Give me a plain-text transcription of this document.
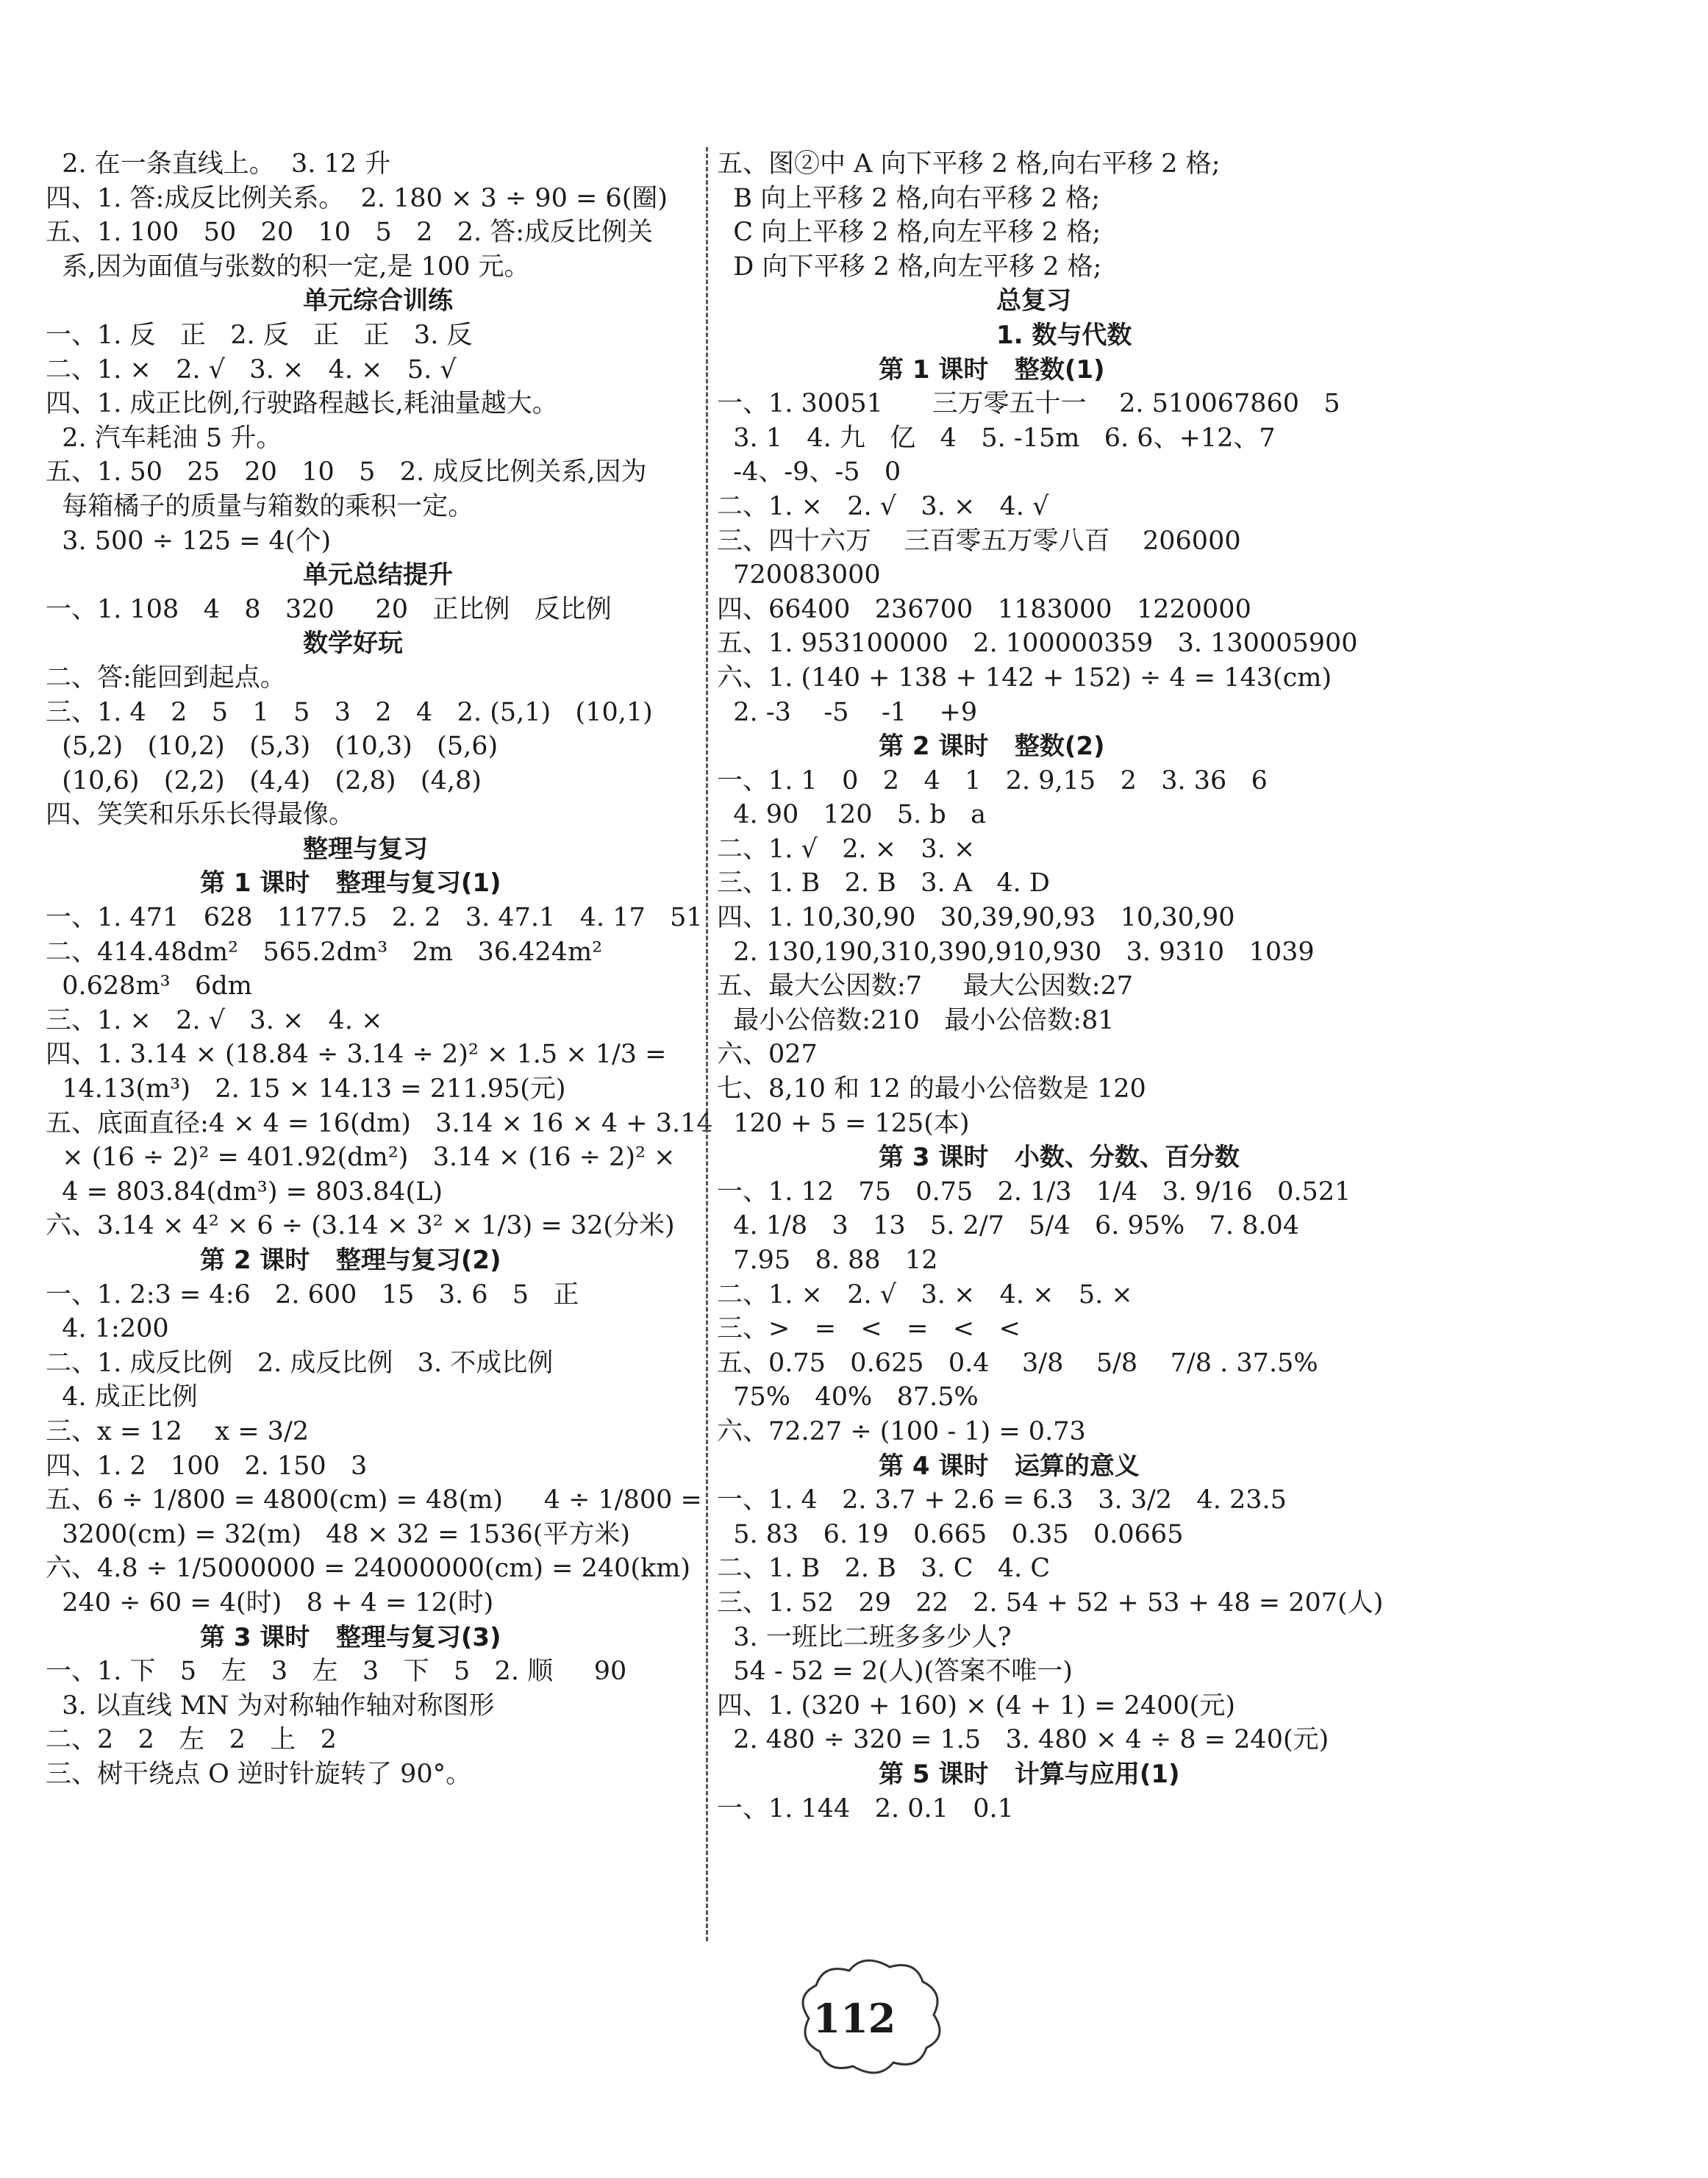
2. 在一条直线上。  3. 12 升
四、1. 答:成反比例关系。  2. 180 × 3 ÷ 90 = 6(圈)
五、1. 100   50   20   10   5   2   2. 答:成反比例关
系,因为面值与张数的积一定,是 100 元。
单元综合训练
一、1. 反   正   2. 反   正   正   3. 反
二、1. ×   2. √   3. ×   4. ×   5. √
四、1. 成正比例,行驶路程越长,耗油量越大。
2. 汽车耗油 5 升。
五、1. 50   25   20   10   5   2. 成反比例关系,因为
每箱橘子的质量与箱数的乘积一定。
3. 500 ÷ 125 = 4(个)
单元总结提升
一、1. 108   4   8   320     20   正比例   反比例
数学好玩
二、答:能回到起点。
三、1. 4   2   5   1   5   3   2   4   2. (5,1)   (10,1)
(5,2)   (10,2)   (5,3)   (10,3)   (5,6)
(10,6)   (2,2)   (4,4)   (2,8)   (4,8)
四、笑笑和乐乐长得最像。
整理与复习
第 1 课时   整理与复习(1)
一、1. 471   628   1177.5   2. 2   3. 47.1   4. 17   51
二、414.48dm²   565.2dm³   2m   36.424m²
0.628m³   6dm
三、1. ×   2. √   3. ×   4. ×
四、1. 3.14 × (18.84 ÷ 3.14 ÷ 2)² × 1.5 × 1/3 =
14.13(m³)   2. 15 × 14.13 = 211.95(元)
五、底面直径:4 × 4 = 16(dm)   3.14 × 16 × 4 + 3.14
× (16 ÷ 2)² = 401.92(dm²)   3.14 × (16 ÷ 2)² ×
4 = 803.84(dm³) = 803.84(L)
六、3.14 × 4² × 6 ÷ (3.14 × 3² × 1/3) = 32(分米)
第 2 课时   整理与复习(2)
一、1. 2:3 = 4:6   2. 600   15   3. 6   5   正
4. 1:200
二、1. 成反比例   2. 成反比例   3. 不成比例
4. 成正比例
三、x = 12    x = 3/2
四、1. 2   100   2. 150   3
五、6 ÷ 1/800 = 4800(cm) = 48(m)     4 ÷ 1/800 =
3200(cm) = 32(m)   48 × 32 = 1536(平方米)
六、4.8 ÷ 1/5000000 = 24000000(cm) = 240(km)
240 ÷ 60 = 4(时)   8 + 4 = 12(时)
第 3 课时   整理与复习(3)
一、1. 下   5   左   3   左   3   下   5   2. 顺     90
3. 以直线 MN 为对称轴作轴对称图形
二、2   2   左   2   上   2
三、树干绕点 O 逆时针旋转了 90°。
五、图②中 A 向下平移 2 格,向右平移 2 格;
B 向上平移 2 格,向右平移 2 格;
C 向上平移 2 格,向左平移 2 格;
D 向下平移 2 格,向左平移 2 格;
总复习
1. 数与代数
第 1 课时   整数(1)
一、1. 30051      三万零五十一    2. 510067860   5
3. 1   4. 九   亿   4   5. -15m   6. 6、+12、7
-4、-9、-5   0
二、1. ×   2. √   3. ×   4. √
三、四十六万    三百零五万零八百    206000
720083000
四、66400   236700   1183000   1220000
五、1. 953100000   2. 100000359   3. 130005900
六、1. (140 + 138 + 142 + 152) ÷ 4 = 143(cm)
2. -3    -5    -1    +9
第 2 课时   整数(2)
一、1. 1   0   2   4   1   2. 9,15   2   3. 36   6
4. 90   120   5. b   a
二、1. √   2. ×   3. ×
三、1. B   2. B   3. A   4. D
四、1. 10,30,90   30,39,90,93   10,30,90
2. 130,190,310,390,910,930   3. 9310   1039
五、最大公因数:7     最大公因数:27
最小公倍数:210   最小公倍数:81
六、027
七、8,10 和 12 的最小公倍数是 120
120 + 5 = 125(本)
第 3 课时   小数、分数、百分数
一、1. 12   75   0.75   2. 1/3   1/4   3. 9/16   0.521
4. 1/8   3   13   5. 2/7   5/4   6. 95%   7. 8.04
7.95   8. 88   12
二、1. ×   2. √   3. ×   4. ×   5. ×
三、>   =   <   =   <   <
五、0.75   0.625   0.4    3/8    5/8    7/8 . 37.5%
75%   40%   87.5%
六、72.27 ÷ (100 - 1) = 0.73
第 4 课时   运算的意义
一、1. 4   2. 3.7 + 2.6 = 6.3   3. 3/2   4. 23.5
5. 83   6. 19   0.665   0.35   0.0665
二、1. B   2. B   3. C   4. C
三、1. 52   29   22   2. 54 + 52 + 53 + 48 = 207(人)
3. 一班比二班多多少人?
54 - 52 = 2(人)(答案不唯一)
四、1. (320 + 160) × (4 + 1) = 2400(元)
2. 480 ÷ 320 = 1.5   3. 480 × 4 ÷ 8 = 240(元)
第 5 课时   计算与应用(1)
一、1. 144   2. 0.1   0.1
112
